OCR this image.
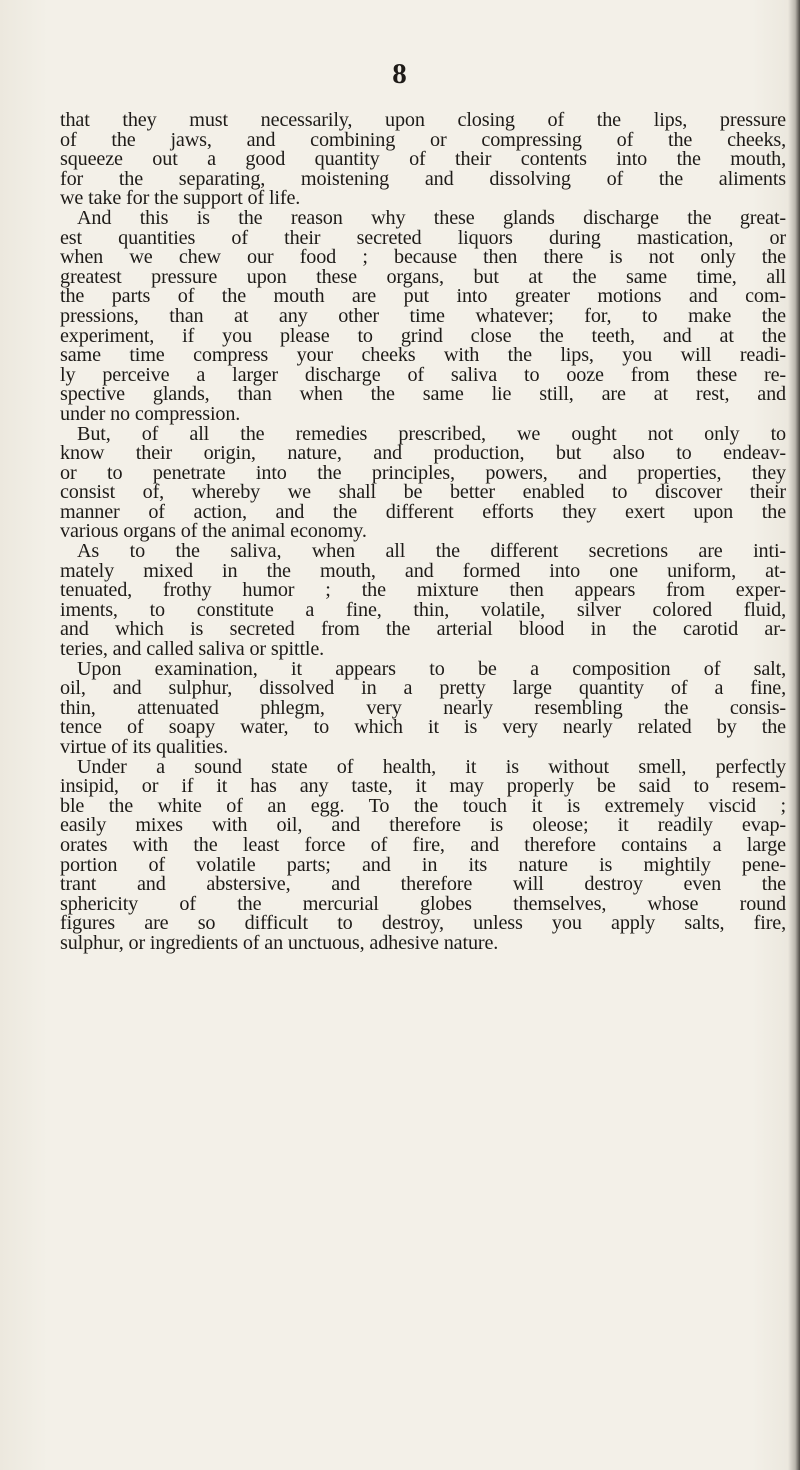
8
that they must necessarily, upon closing of the lips, pressure
of the jaws, and combining or compressing of the cheeks,
squeeze out a good quantity of their contents into the mouth,
for the separating, moistening and dissolving of the aliments
we take for the support of life.
And this is the reason why these glands discharge the great-
est quantities of their secreted liquors during mastication, or
when we chew our food ; because then there is not only the
greatest pressure upon these organs, but at the same time, all
the parts of the mouth are put into greater motions and com-
pressions, than at any other time whatever; for, to make the
experiment, if you please to grind close the teeth, and at the
same time compress your cheeks with the lips, you will readi-
ly perceive a larger discharge of saliva to ooze from these re-
spective glands, than when the same lie still, are at rest, and
under no compression.
But, of all the remedies prescribed, we ought not only to
know their origin, nature, and production, but also to endeav-
or to penetrate into the principles, powers, and properties, they
consist of, whereby we shall be better enabled to discover their
manner of action, and the different efforts they exert upon the
various organs of the animal economy.
As to the saliva, when all the different secretions are inti-
mately mixed in the mouth, and formed into one uniform, at-
tenuated, frothy humor ; the mixture then appears from exper-
iments, to constitute a fine, thin, volatile, silver colored fluid,
and which is secreted from the arterial blood in the carotid ar-
teries, and called saliva or spittle.
Upon examination, it appears to be a composition of salt,
oil, and sulphur, dissolved in a pretty large quantity of a fine,
thin, attenuated phlegm, very nearly resembling the consis-
tence of soapy water, to which it is very nearly related by the
virtue of its qualities.
Under a sound state of health, it is without smell, perfectly
insipid, or if it has any taste, it may properly be said to resem-
ble the white of an egg. To the touch it is extremely viscid ;
easily mixes with oil, and therefore is oleose; it readily evap-
orates with the least force of fire, and therefore contains a large
portion of volatile parts; and in its nature is mightily pene-
trant and abstersive, and therefore will destroy even the
sphericity of the mercurial globes themselves, whose round
figures are so difficult to destroy, unless you apply salts, fire,
sulphur, or ingredients of an unctuous, adhesive nature.
